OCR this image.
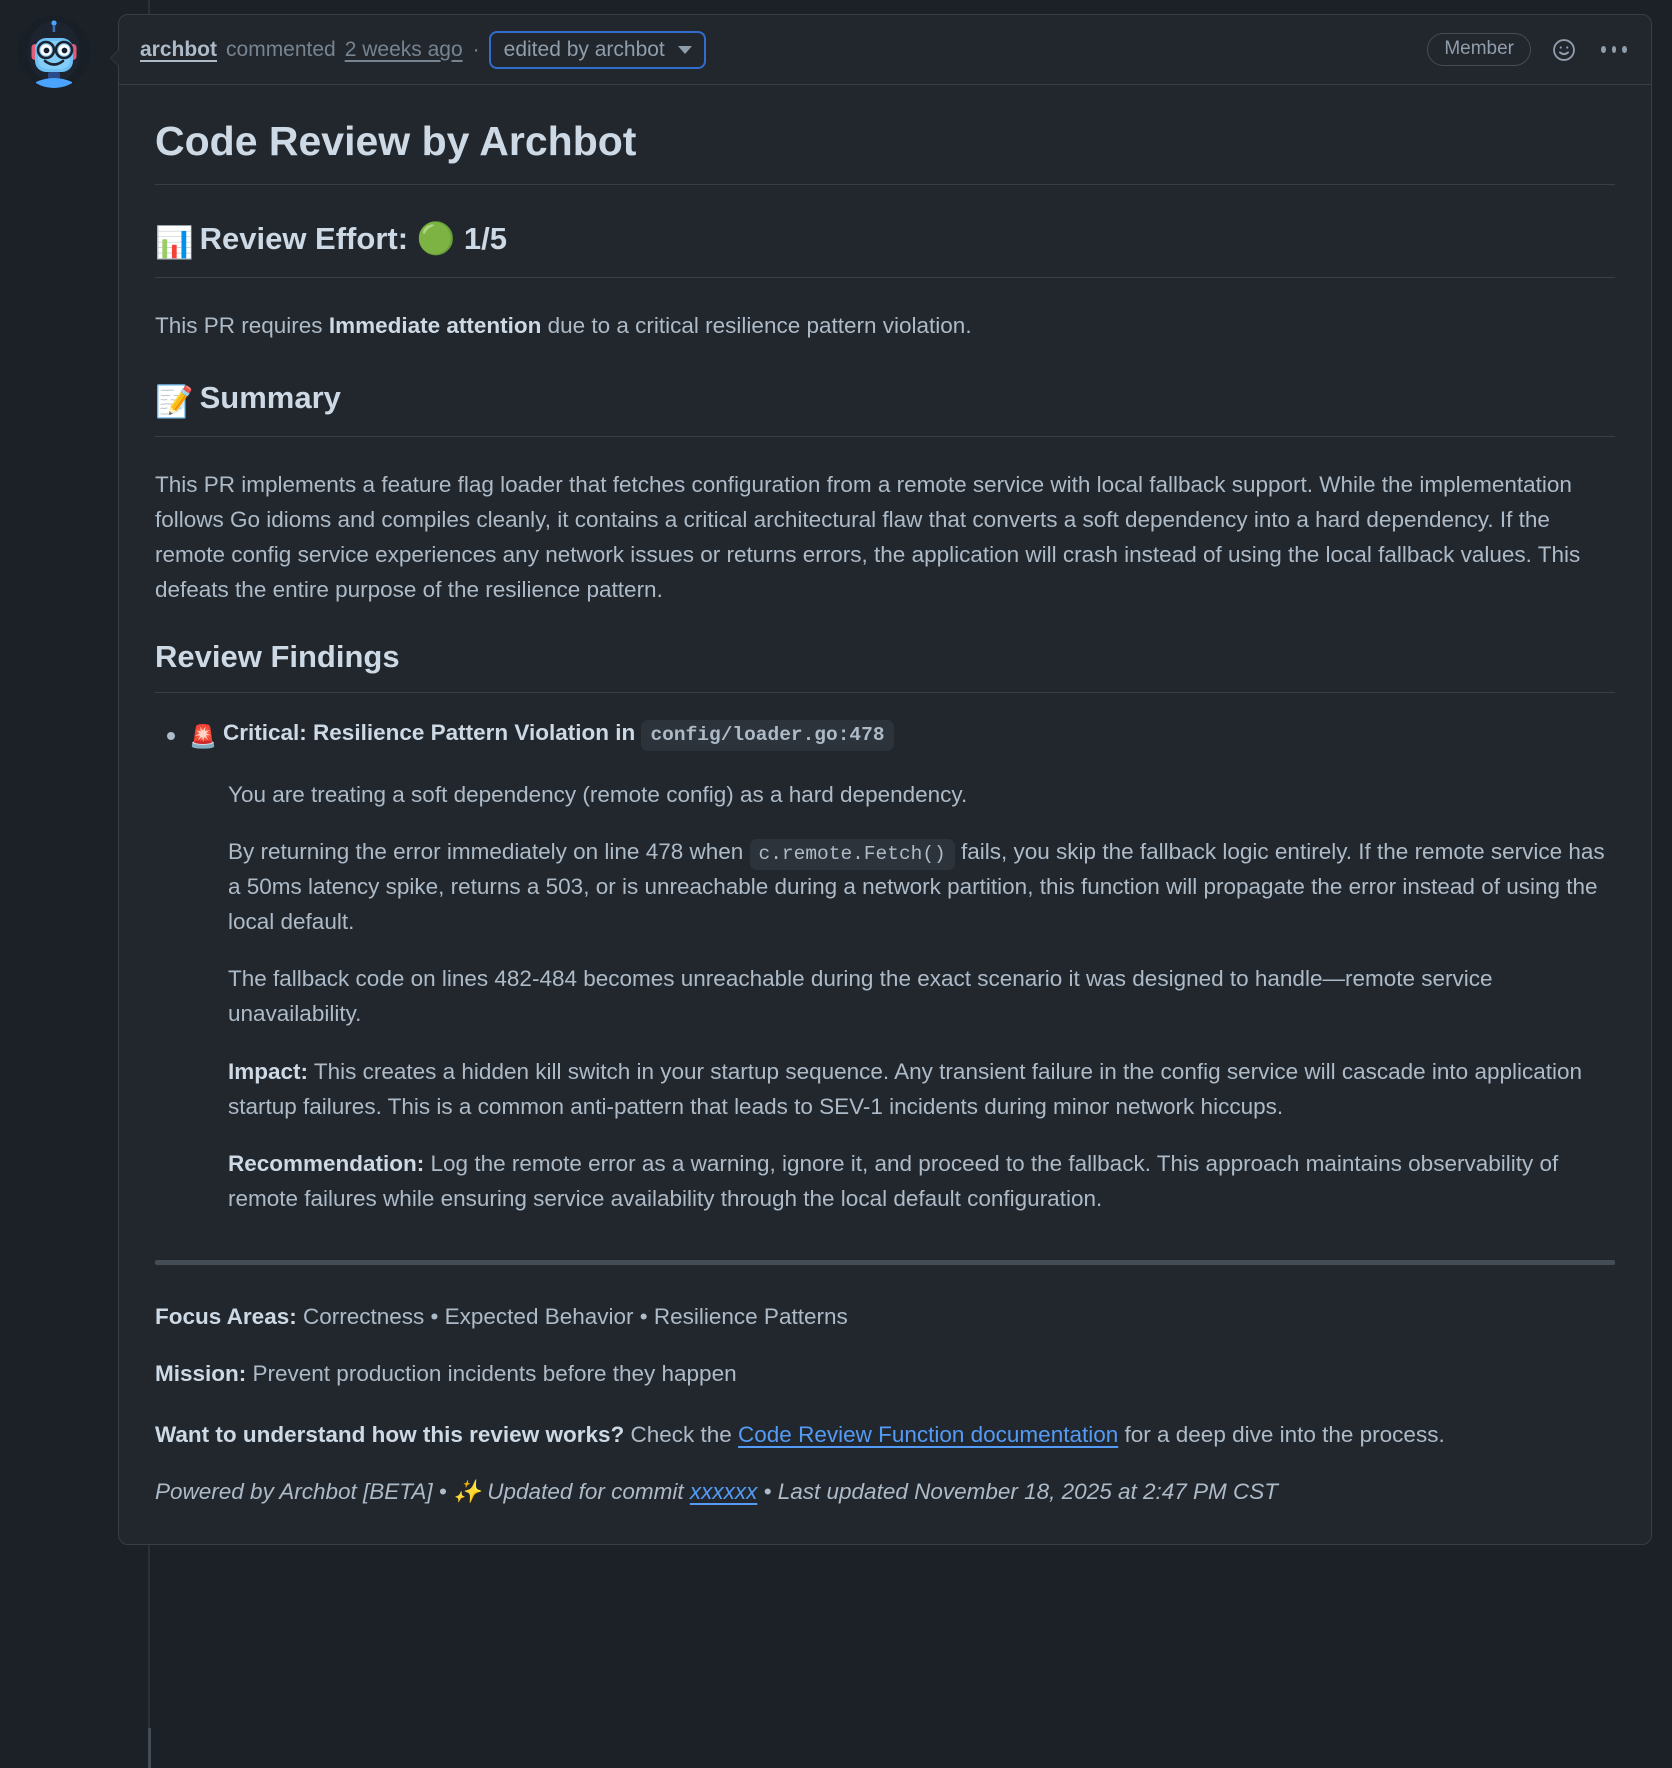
archbot commented 2 weeks ago · edited by archbot	Member
Code Review by Archbot
📊 Review Effort: 🟢 1/5

This PR requires Immediate attention due to a critical resilience pattern violation.

📝 Summary

This PR implements a feature flag loader that fetches configuration from a remote service with local fallback support. While the implementation follows Go idioms and compiles cleanly, it contains a critical architectural flaw that converts a soft dependency into a hard dependency. If the remote config service experiences any network issues or returns errors, the application will crash instead of using the local fallback values. This defeats the entire purpose of the resilience pattern.

Review Findings
🚨 Critical: Resilience Pattern Violation in config/loader.go:478

You are treating a soft dependency (remote config) as a hard dependency.

By returning the error immediately on line 478 when c.remote.Fetch() fails, you skip the fallback logic entirely. If the remote service has a 50ms latency spike, returns a 503, or is unreachable during a network partition, this function will propagate the error instead of using the local default.

The fallback code on lines 482-484 becomes unreachable during the exact scenario it was designed to handle—remote service unavailability.

Impact: This creates a hidden kill switch in your startup sequence. Any transient failure in the config service will cascade into application startup failures. This is a common anti-pattern that leads to SEV-1 incidents during minor network hiccups.

Recommendation: Log the remote error as a warning, ignore it, and proceed to the fallback. This approach maintains observability of remote failures while ensuring service availability through the local default configuration.

Focus Areas: Correctness • Expected Behavior • Resilience Patterns

Mission: Prevent production incidents before they happen

Want to understand how this review works? Check the Code Review Function documentation for a deep dive into the process.

Powered by Archbot [BETA] • ✨ Updated for commit xxxxxx • Last updated November 18, 2025 at 2:47 PM CST
